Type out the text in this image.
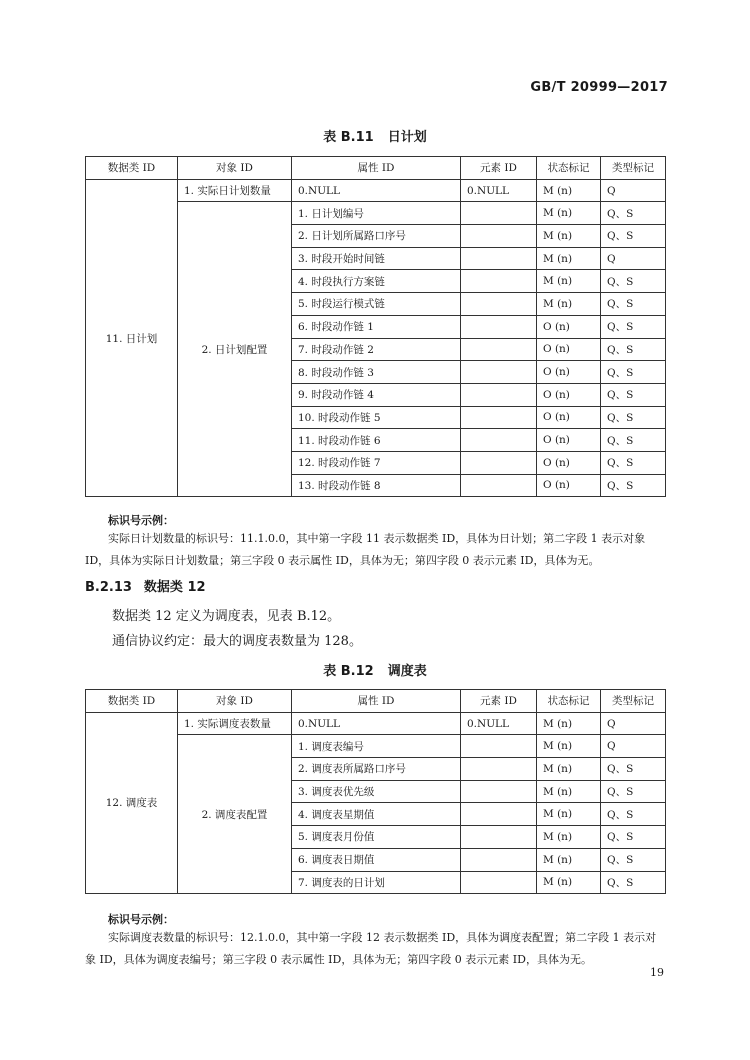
GB/T 20999—2017
表 B.11 日计划
数据类 ID	对象 ID	属性 ID	元素 ID	状态标记	类型标记
11. 日计划	1. 实际日计划数量	0.NULL	0.NULL	M (n)	Q
	2. 日计划配置	1. 日计划编号		M (n)	Q、S
		2. 日计划所属路口序号		M (n)	Q、S
		3. 时段开始时间链		M (n)	Q
		4. 时段执行方案链		M (n)	Q、S
		5. 时段运行模式链		M (n)	Q、S
		6. 时段动作链 1		O (n)	Q、S
		7. 时段动作链 2		O (n)	Q、S
		8. 时段动作链 3		O (n)	Q、S
		9. 时段动作链 4		O (n)	Q、S
		10. 时段动作链 5		O (n)	Q、S
		11. 时段动作链 6		O (n)	Q、S
		12. 时段动作链 7		O (n)	Q、S
		13. 时段动作链 8		O (n)	Q、S
标识号示例：
实际日计划数量的标识号：11.1.0.0，其中第一字段 11 表示数据类 ID，具体为日计划；第二字段 1 表示对象 ID，具体为实际日计划数量；第三字段 0 表示属性 ID，具体为无；第四字段 0 表示元素 ID，具体为无。
B.2.13 数据类 12
数据类 12 定义为调度表，见表 B.12。
通信协议约定：最大的调度表数量为 128。
表 B.12 调度表
数据类 ID	对象 ID	属性 ID	元素 ID	状态标记	类型标记
12. 调度表	1. 实际调度表数量	0.NULL	0.NULL	M (n)	Q
	2. 调度表配置	1. 调度表编号		M (n)	Q
		2. 调度表所属路口序号		M (n)	Q、S
		3. 调度表优先级		M (n)	Q、S
		4. 调度表星期值		M (n)	Q、S
		5. 调度表月份值		M (n)	Q、S
		6. 调度表日期值		M (n)	Q、S
		7. 调度表的日计划		M (n)	Q、S
标识号示例：
实际调度表数量的标识号：12.1.0.0，其中第一字段 12 表示数据类 ID，具体为调度表配置；第二字段 1 表示对象 ID，具体为调度表编号；第三字段 0 表示属性 ID，具体为无；第四字段 0 表示元素 ID，具体为无。
19
